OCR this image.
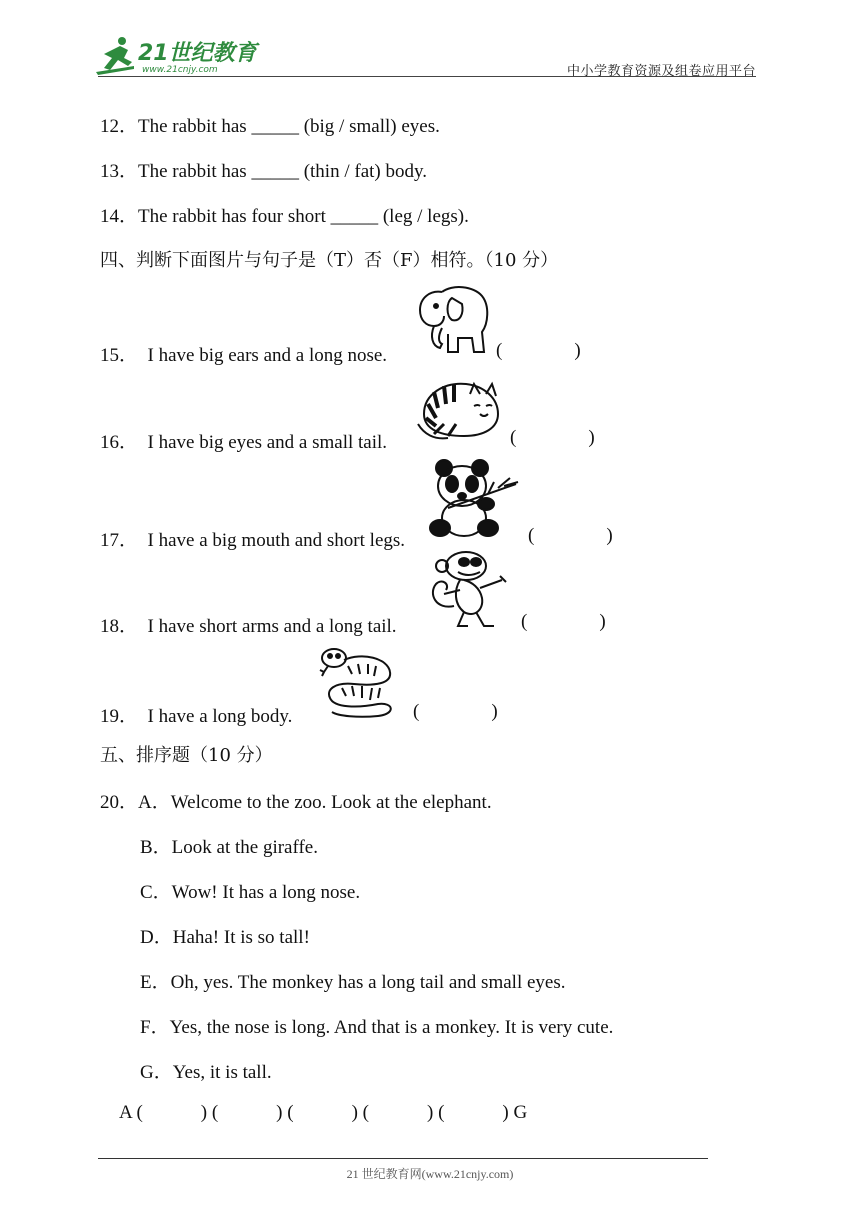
21世纪教育
www.21cnjy.com	中小学教育资源及组卷应用平台
12．The rabbit has _____ (big / small) eyes.
13．The rabbit has _____ (thin / fat) body.
14．The rabbit has four short _____ (leg / legs).
四、判断下面图片与句子是（T）否（F）相符。（10 分）
15． I have big ears and a long nose.	(	)
16． I have big eyes and a small tail.	(	)
17． I have a big mouth and short legs.	(	)
18． I have short arms and a long tail.	(	)
19． I have a long body.	(	)
五、排序题（10 分）
20．A．Welcome to the zoo. Look at the elephant.
B．Look at the giraffe.
C．Wow! It has a long nose.
D．Haha! It is so tall!
E．Oh, yes. The monkey has a long tail and small eyes.
F．Yes, the nose is long. And that is a monkey. It is very cute.
G．Yes, it is tall.
A (	) (	) (	) (	) (	) G
21 世纪教育网(www.21cnjy.com)
